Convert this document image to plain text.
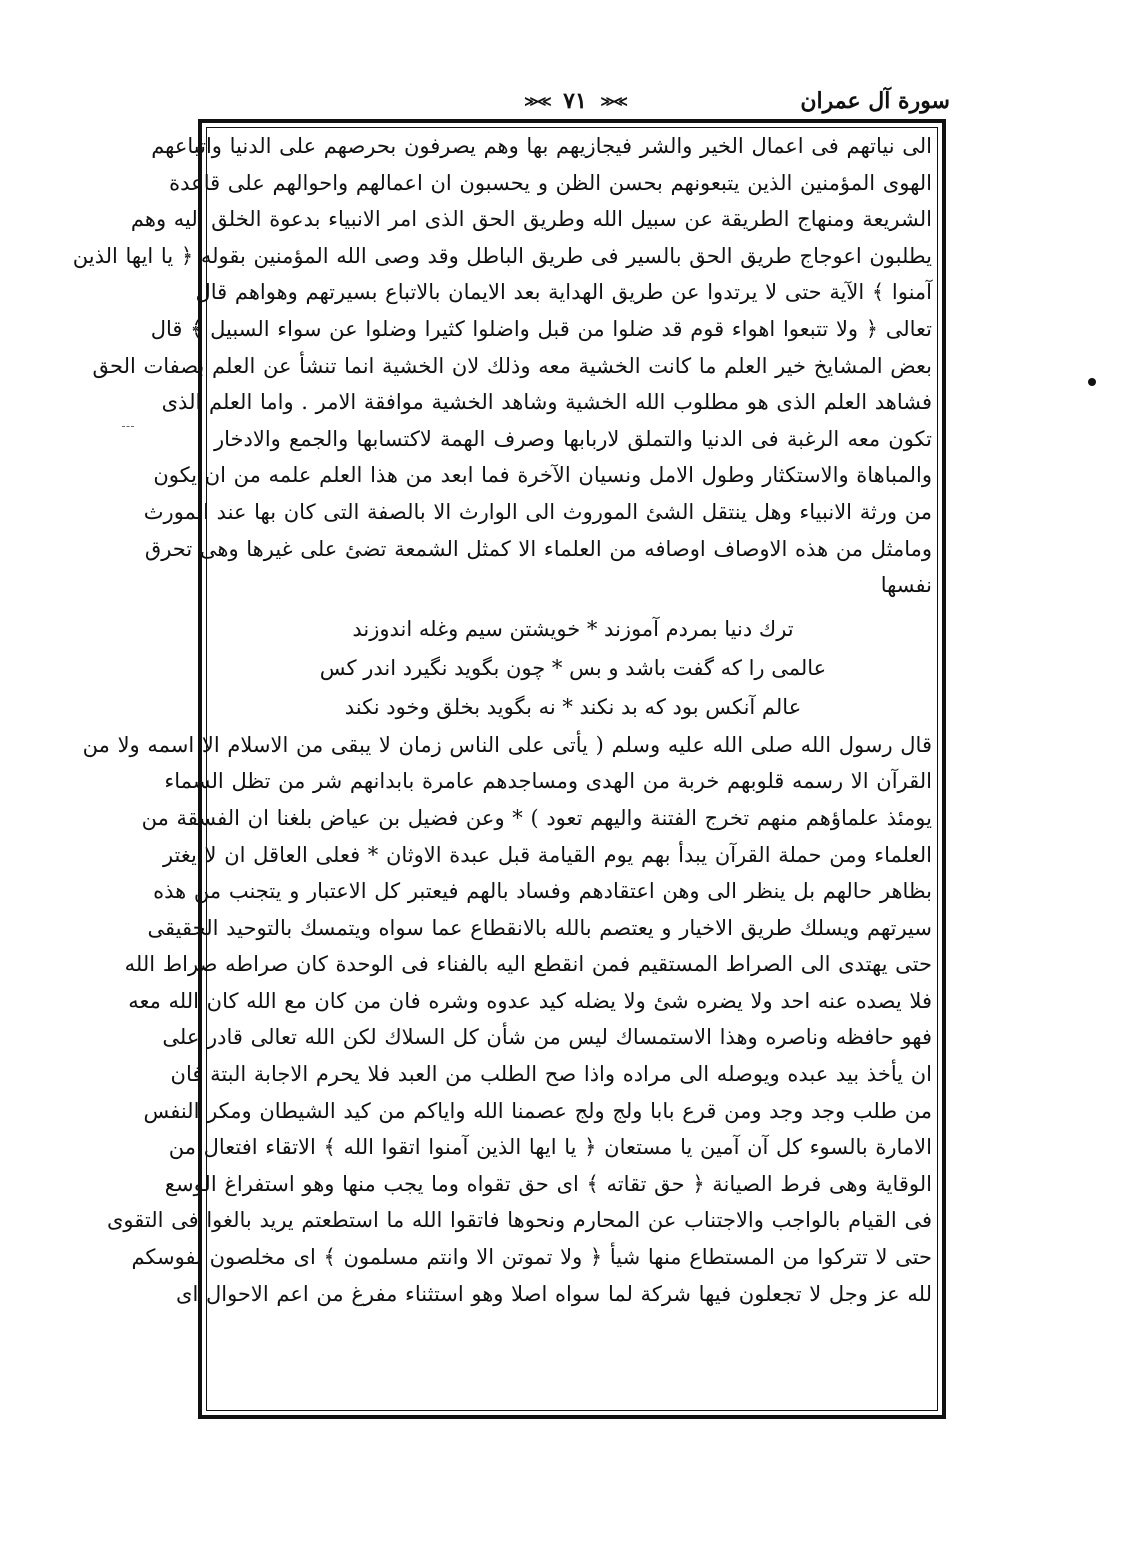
سورة آل عمران
≫≪ ٧١ ≫≪
الى نياتهم فى اعمال الخير والشر فيجازيهم بها وهم يصرفون بحرصهم على الدنيا واتباعهم
الهوى المؤمنين الذين يتبعونهم بحسن الظن و يحسبون ان اعمالهم واحوالهم على قاعدة
الشريعة ومنهاج الطريقة عن سبيل الله وطريق الحق الذى امر الانبياء بدعوة الخلق اليه وهم
يطلبون اعوجاج طريق الحق بالسير فى طريق الباطل وقد وصى الله المؤمنين بقوله ﴿ يا ايها الذين
آمنوا ﴾ الآية حتى لا يرتدوا عن طريق الهداية بعد الايمان بالاتباع بسيرتهم وهواهم قال
تعالى ﴿ ولا تتبعوا اهواء قوم قد ضلوا من قبل واضلوا كثيرا وضلوا عن سواء السبيل ﴾ قال
بعض المشايخ خير العلم ما كانت الخشية معه وذلك لان الخشية انما تنشأ عن العلم بصفات الحق
فشاهد العلم الذى هو مطلوب الله الخشية وشاهد الخشية موافقة الامر . واما العلم الذى
تكون معه الرغبة فى الدنيا والتملق لاربابها وصرف الهمة لاكتسابها والجمع والادخار
والمباهاة والاستكثار وطول الامل ونسيان الآخرة فما ابعد من هذا العلم علمه من ان يكون
من ورثة الانبياء وهل ينتقل الشئ الموروث الى الوارث الا بالصفة التى كان بها عند المورث
ومامثل من هذه الاوصاف اوصافه من العلماء الا كمثل الشمعة تضئ على غيرها وهى تحرق
نفسها
ترك دنيا بمردم آموزند * خويشتن سيم وغله اندوزند
عالمى را كه گفت باشد و بس * چون بگويد نگيرد اندر كس
عالم آنكس بود كه بد نكند * نه بگويد بخلق وخود نكند
قال رسول الله صلى الله عليه وسلم ( يأتى على الناس زمان لا يبقى من الاسلام الا اسمه ولا من
القرآن الا رسمه قلوبهم خربة من الهدى ومساجدهم عامرة بابدانهم شر من تظل السماء
يومئذ علماؤهم منهم تخرج الفتنة واليهم تعود ) * وعن فضيل بن عياض بلغنا ان الفسقة من
العلماء ومن حملة القرآن يبدأ بهم يوم القيامة قبل عبدة الاوثان * فعلى العاقل ان لا يغتر
بظاهر حالهم بل ينظر الى وهن اعتقادهم وفساد بالهم فيعتبر كل الاعتبار و يتجنب من هذه
سيرتهم ويسلك طريق الاخيار و يعتصم بالله بالانقطاع عما سواه ويتمسك بالتوحيد الحقيقى
حتى يهتدى الى الصراط المستقيم فمن انقطع اليه بالفناء فى الوحدة كان صراطه صراط الله
فلا يصده عنه احد ولا يضره شئ ولا يضله كيد عدوه وشره فان من كان مع الله كان الله معه
فهو حافظه وناصره وهذا الاستمساك ليس من شأن كل السلاك لكن الله تعالى قادر على
ان يأخذ بيد عبده ويوصله الى مراده واذا صح الطلب من العبد فلا يحرم الاجابة البتة فان
من طلب وجد وجد ومن قرع بابا ولج ولج عصمنا الله واياكم من كيد الشيطان ومكر النفس
الامارة بالسوء كل آن آمين يا مستعان ﴿ يا ايها الذين آمنوا اتقوا الله ﴾ الاتقاء افتعال من
الوقاية وهى فرط الصيانة ﴿ حق تقاته ﴾ اى حق تقواه وما يجب منها وهو استفراغ الوسع
فى القيام بالواجب والاجتناب عن المحارم ونحوها فاتقوا الله ما استطعتم يريد بالغوا فى التقوى
حتى لا تتركوا من المستطاع منها شيأ ﴿ ولا تموتن الا وانتم مسلمون ﴾ اى مخلصون نفوسكم
لله عز وجل لا تجعلون فيها شركة لما سواه اصلا وهو استثناء مفرغ من اعم الاحوال اى
